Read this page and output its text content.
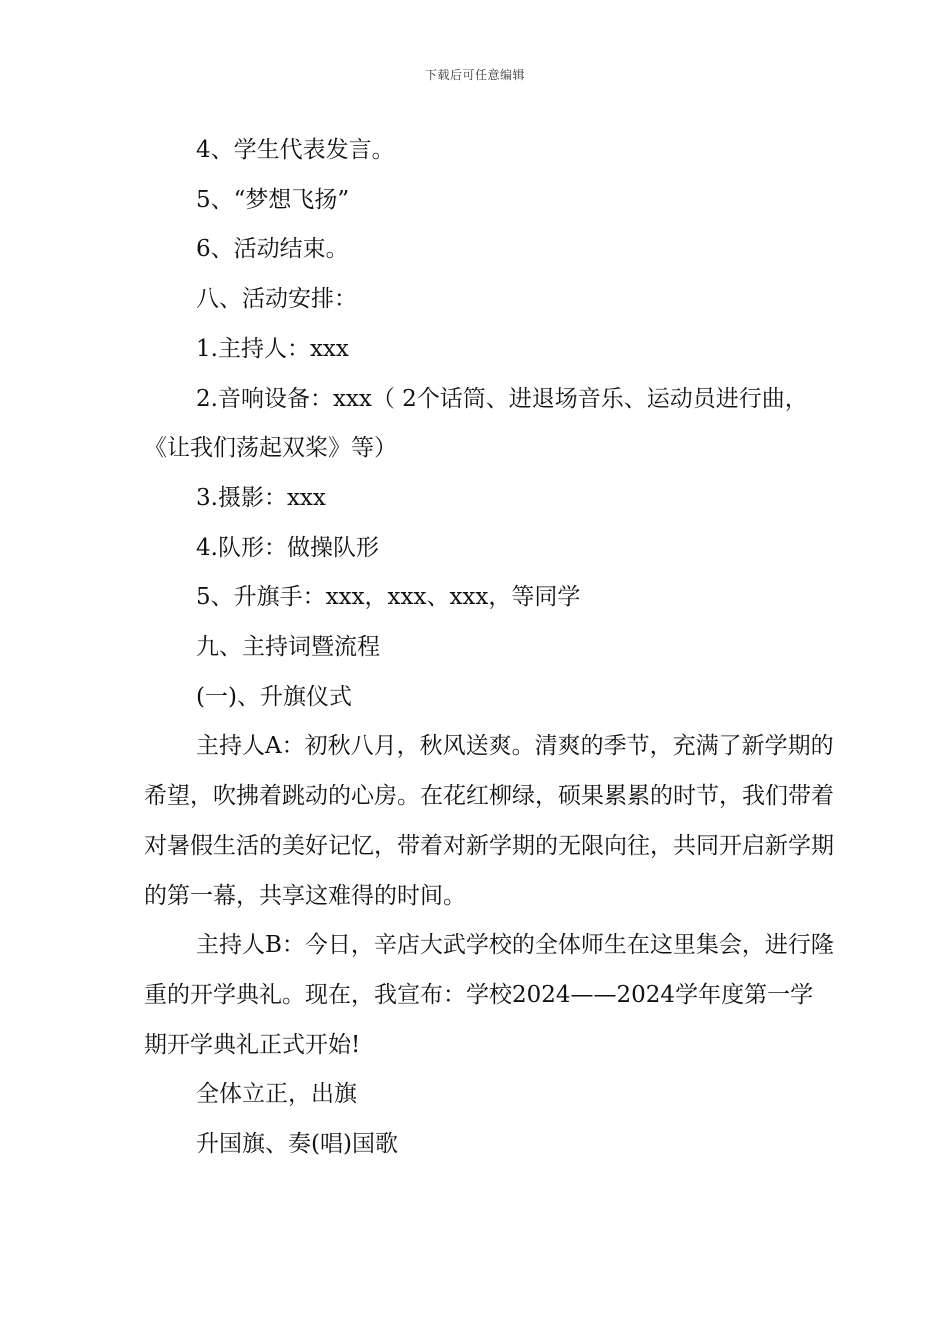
下载后可任意编辑

4、学生代表发言。

5、“梦想飞扬”

6、活动结束。

八、活动安排：

1.主持人：xxx

2.音响设备：xxx（ 2个话筒、进退场音乐、运动员进行曲，《让我们荡起双桨》等）

3.摄影：xxx

4.队形：做操队形

5、升旗手：xxx，xxx、xxx，等同学

九、主持词暨流程

(一)、升旗仪式

主持人A：初秋八月，秋风送爽。清爽的季节，充满了新学期的希望，吹拂着跳动的心房。在花红柳绿，硕果累累的时节，我们带着对暑假生活的美好记忆，带着对新学期的无限向往，共同开启新学期的第一幕，共享这难得的时间。

主持人B：今日，辛店大武学校的全体师生在这里集会，进行隆重的开学典礼。现在，我宣布：学校2024——2024学年度第一学期开学典礼正式开始!

全体立正，出旗

升国旗、奏(唱)国歌
